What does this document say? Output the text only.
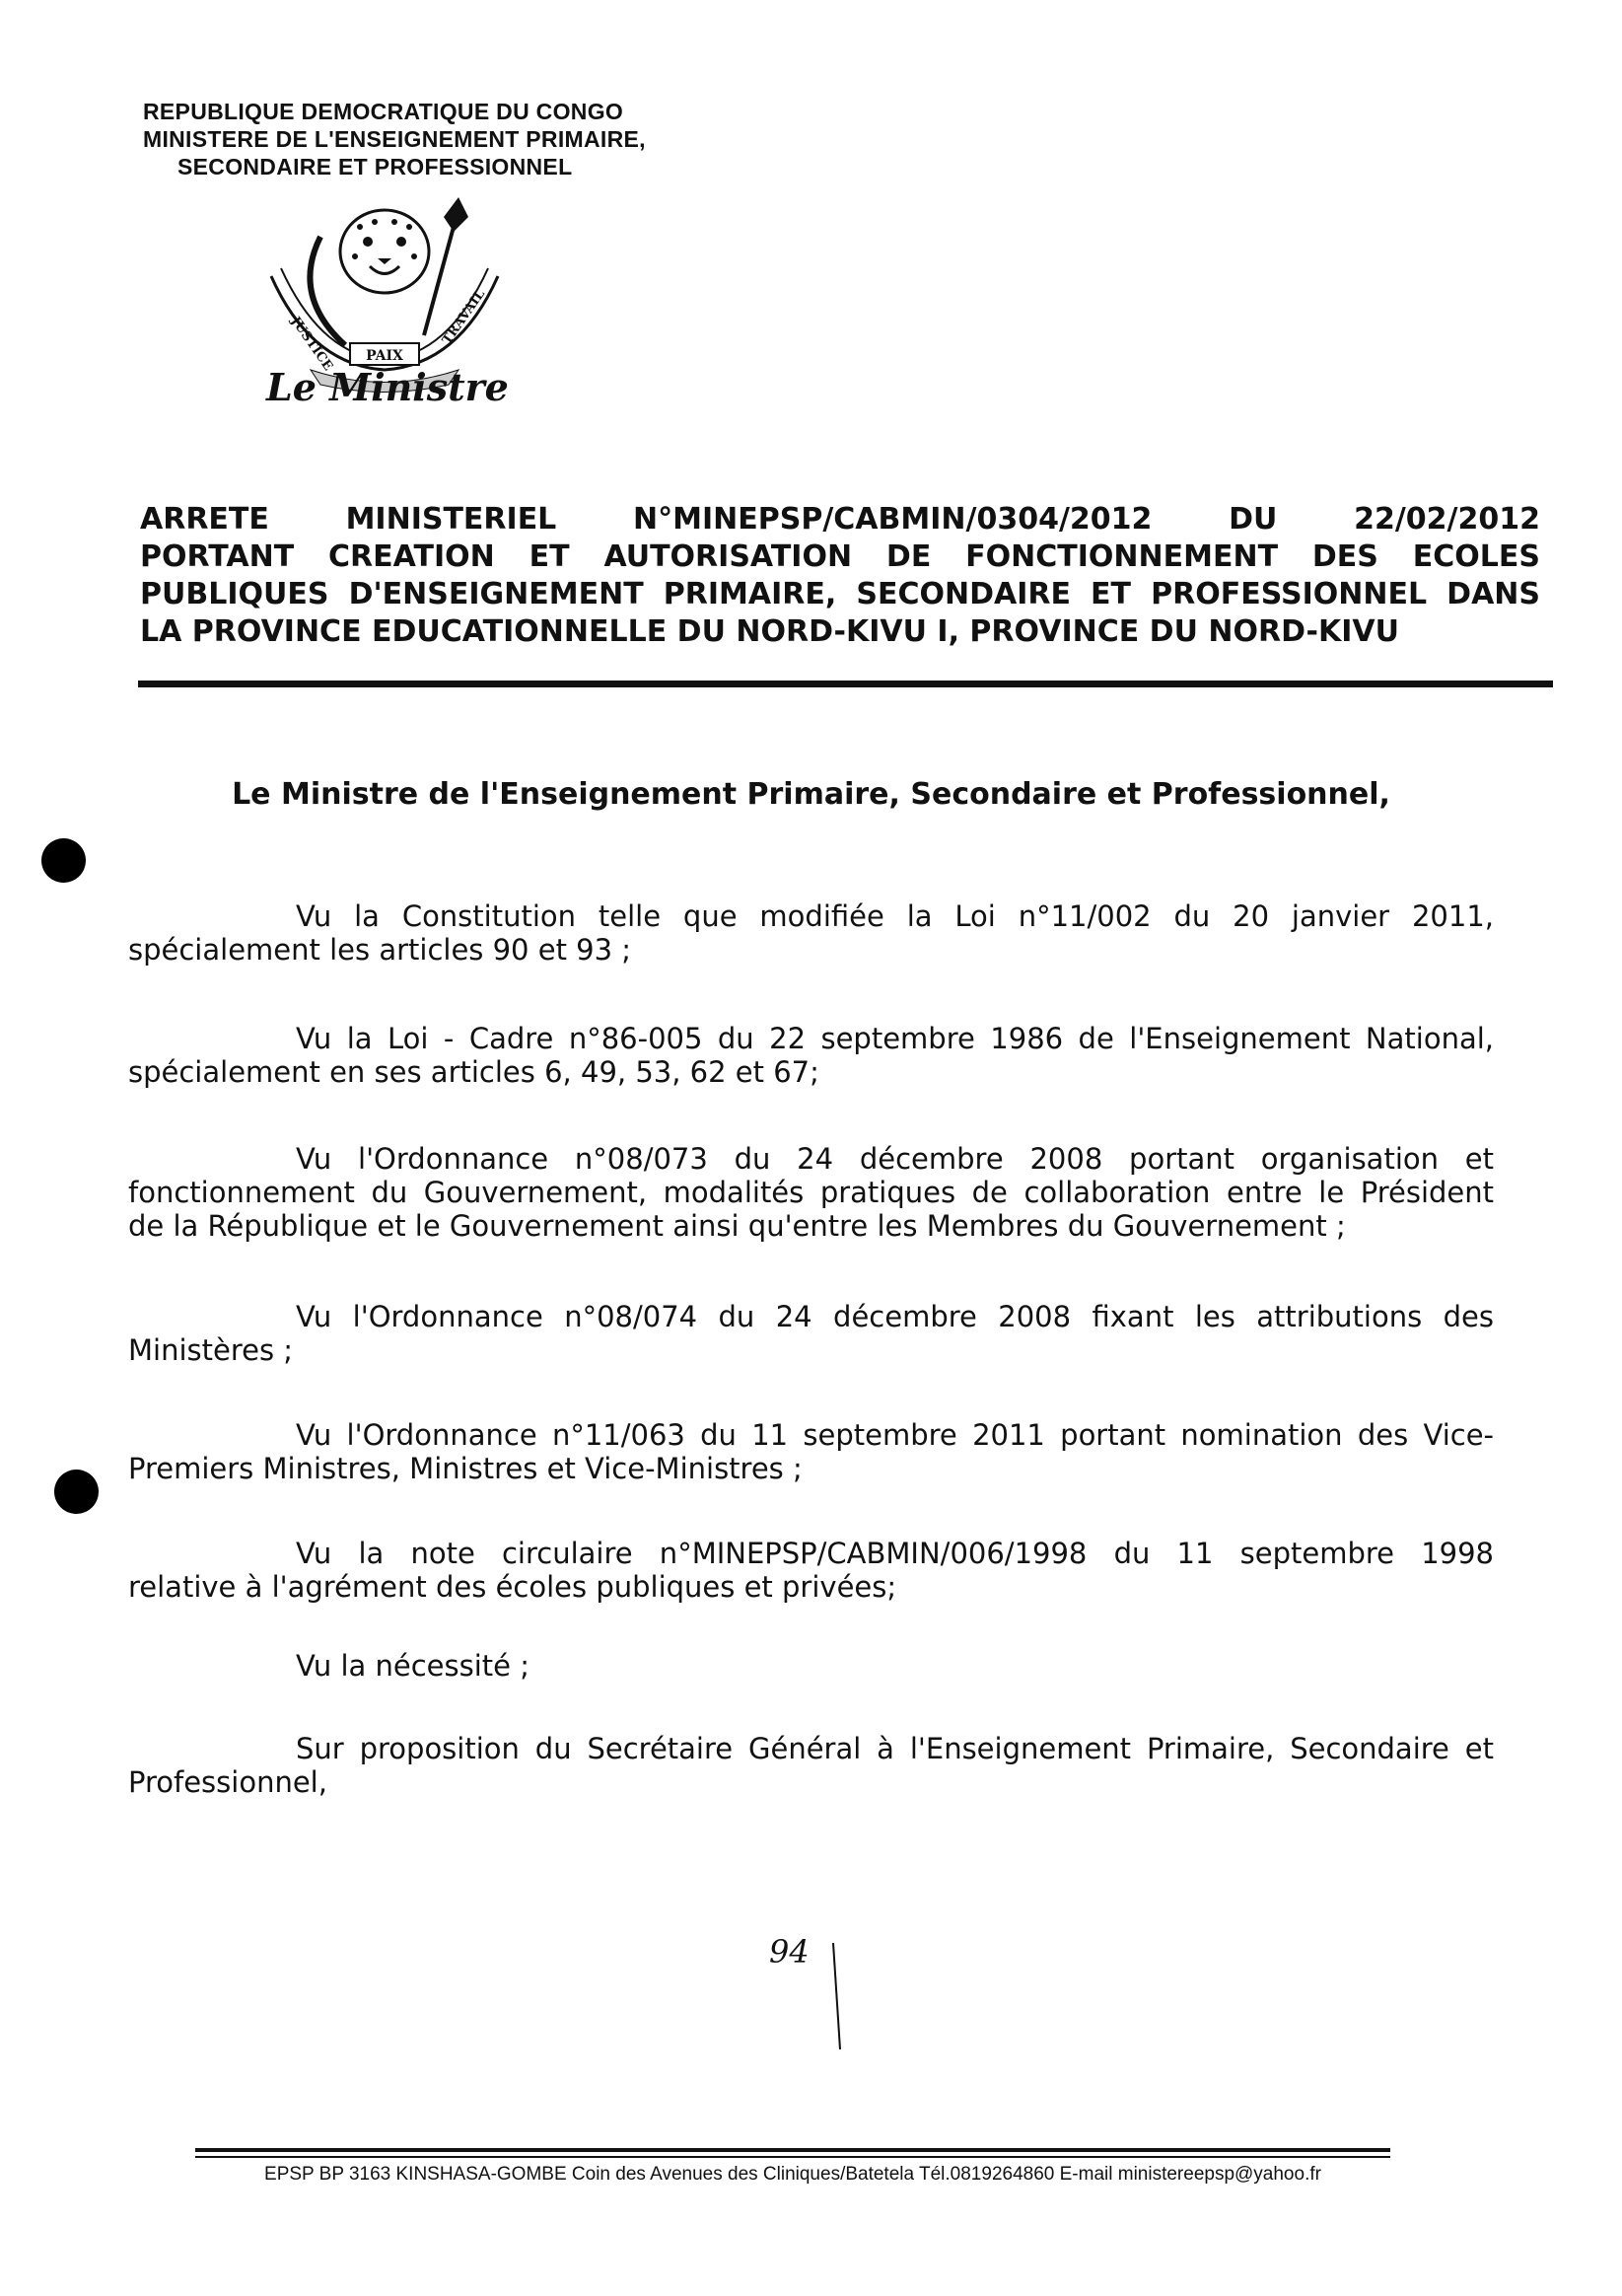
REPUBLIQUE DEMOCRATIQUE DU CONGO
MINISTERE DE L'ENSEIGNEMENT PRIMAIRE,
SECONDAIRE ET PROFESSIONNEL
PAIX
JUSTICE	TRAVAIL
Le Ministre
ARRETE MINISTERIEL N°MINEPSP/CABMIN/0304/2012 DU 22/02/2012
PORTANT CREATION ET AUTORISATION DE FONCTIONNEMENT DES ECOLES
PUBLIQUES D'ENSEIGNEMENT PRIMAIRE, SECONDAIRE ET PROFESSIONNEL DANS
LA PROVINCE EDUCATIONNELLE DU NORD-KIVU I, PROVINCE DU NORD-KIVU
Le Ministre de l'Enseignement Primaire, Secondaire et Professionnel,
Vu la Constitution telle que modifiée la Loi n°11/002 du 20 janvier 2011,
spécialement les articles 90 et 93 ;
Vu la Loi - Cadre n°86-005 du 22 septembre 1986 de l'Enseignement National,
spécialement en ses articles 6, 49, 53, 62 et 67;
Vu l'Ordonnance n°08/073 du 24 décembre 2008 portant organisation et
fonctionnement du Gouvernement, modalités pratiques de collaboration entre le Président
de la République et le Gouvernement ainsi qu'entre les Membres du Gouvernement ;
Vu l'Ordonnance n°08/074 du 24 décembre 2008 fixant les attributions des
Ministères ;
Vu l'Ordonnance n°11/063 du 11 septembre 2011 portant nomination des Vice-
Premiers Ministres, Ministres et Vice-Ministres ;
Vu la note circulaire n°MINEPSP/CABMIN/006/1998 du 11 septembre 1998
relative à l'agrément des écoles publiques et privées;
Vu la nécessité ;
Sur proposition du Secrétaire Général à l'Enseignement Primaire, Secondaire et
Professionnel,
94
EPSP BP 3163 KINSHASA-GOMBE Coin des Avenues des Cliniques/Batetela Tél.0819264860 E-mail ministereepsp@yahoo.fr
